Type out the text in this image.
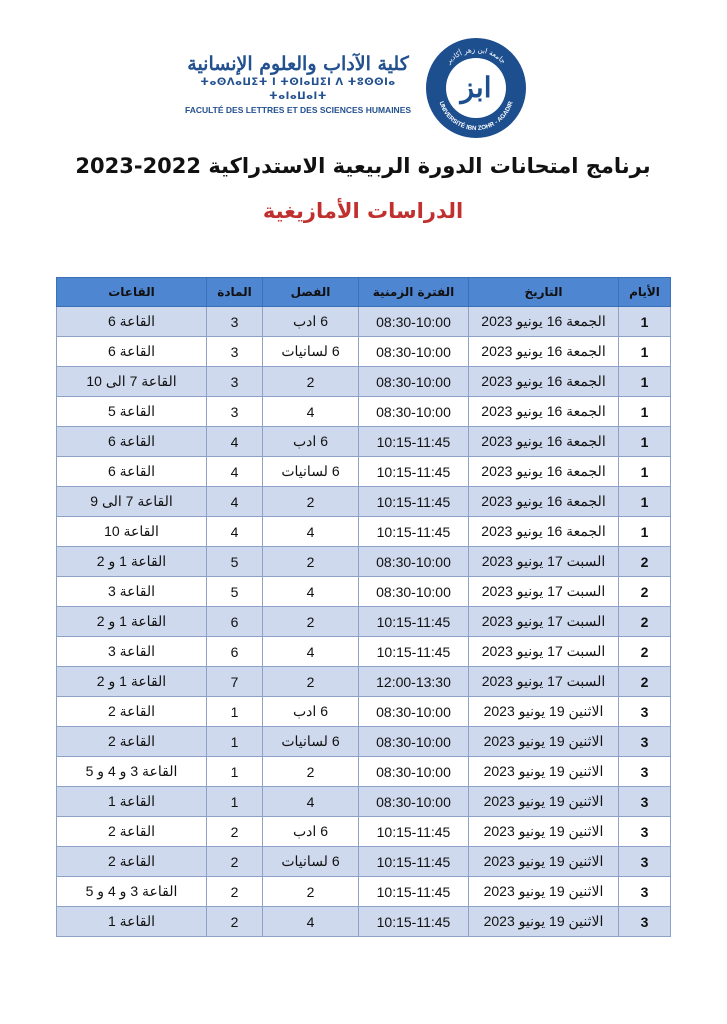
جامعة ابن زهر أكادير
UNIVERSITÉ IBN ZOHR - AGADIR
ابز
كلية الآداب والعلوم الإنسانية
ⵜⴰⵙⴷⴰⵡⵉⵜ ⵏ ⵜⵙⵏⴰⵡⵉⵏ ⴷ ⵜⵓⵙⵙⵏⴰ ⵜⴰⵏⴰⵡⴰⵏⵜ
FACULTÉ DES LETTRES ET DES SCIENCES HUMAINES
برنامج امتحانات الدورة الربيعية الاستدراكية 2022-2023
الدراسات الأمازيغية
الأيام	التاريخ	الفترة الزمنية	الفصل	المادة	القاعات
1	الجمعة 16 يونيو 2023	08:30-10:00	6 ادب	3	القاعة 6
1	الجمعة 16 يونيو 2023	08:30-10:00	6 لسانيات	3	القاعة 6
1	الجمعة 16 يونيو 2023	08:30-10:00	2	3	القاعة 7 الى 10
1	الجمعة 16 يونيو 2023	08:30-10:00	4	3	القاعة 5
1	الجمعة 16 يونيو 2023	10:15-11:45	6 ادب	4	القاعة 6
1	الجمعة 16 يونيو 2023	10:15-11:45	6 لسانيات	4	القاعة 6
1	الجمعة 16 يونيو 2023	10:15-11:45	2	4	القاعة 7 الى 9
1	الجمعة 16 يونيو 2023	10:15-11:45	4	4	القاعة 10
2	السبت 17 يونيو 2023	08:30-10:00	2	5	القاعة 1 و 2
2	السبت 17 يونيو 2023	08:30-10:00	4	5	القاعة 3
2	السبت 17 يونيو 2023	10:15-11:45	2	6	القاعة 1 و 2
2	السبت 17 يونيو 2023	10:15-11:45	4	6	القاعة 3
2	السبت 17 يونيو 2023	12:00-13:30	2	7	القاعة 1 و 2
3	الاثنين 19 يونيو 2023	08:30-10:00	6 ادب	1	القاعة 2
3	الاثنين 19 يونيو 2023	08:30-10:00	6 لسانيات	1	القاعة 2
3	الاثنين 19 يونيو 2023	08:30-10:00	2	1	القاعة 3 و 4 و 5
3	الاثنين 19 يونيو 2023	08:30-10:00	4	1	القاعة 1
3	الاثنين 19 يونيو 2023	10:15-11:45	6 ادب	2	القاعة 2
3	الاثنين 19 يونيو 2023	10:15-11:45	6 لسانيات	2	القاعة 2
3	الاثنين 19 يونيو 2023	10:15-11:45	2	2	القاعة 3 و 4 و 5
3	الاثنين 19 يونيو 2023	10:15-11:45	4	2	القاعة 1
